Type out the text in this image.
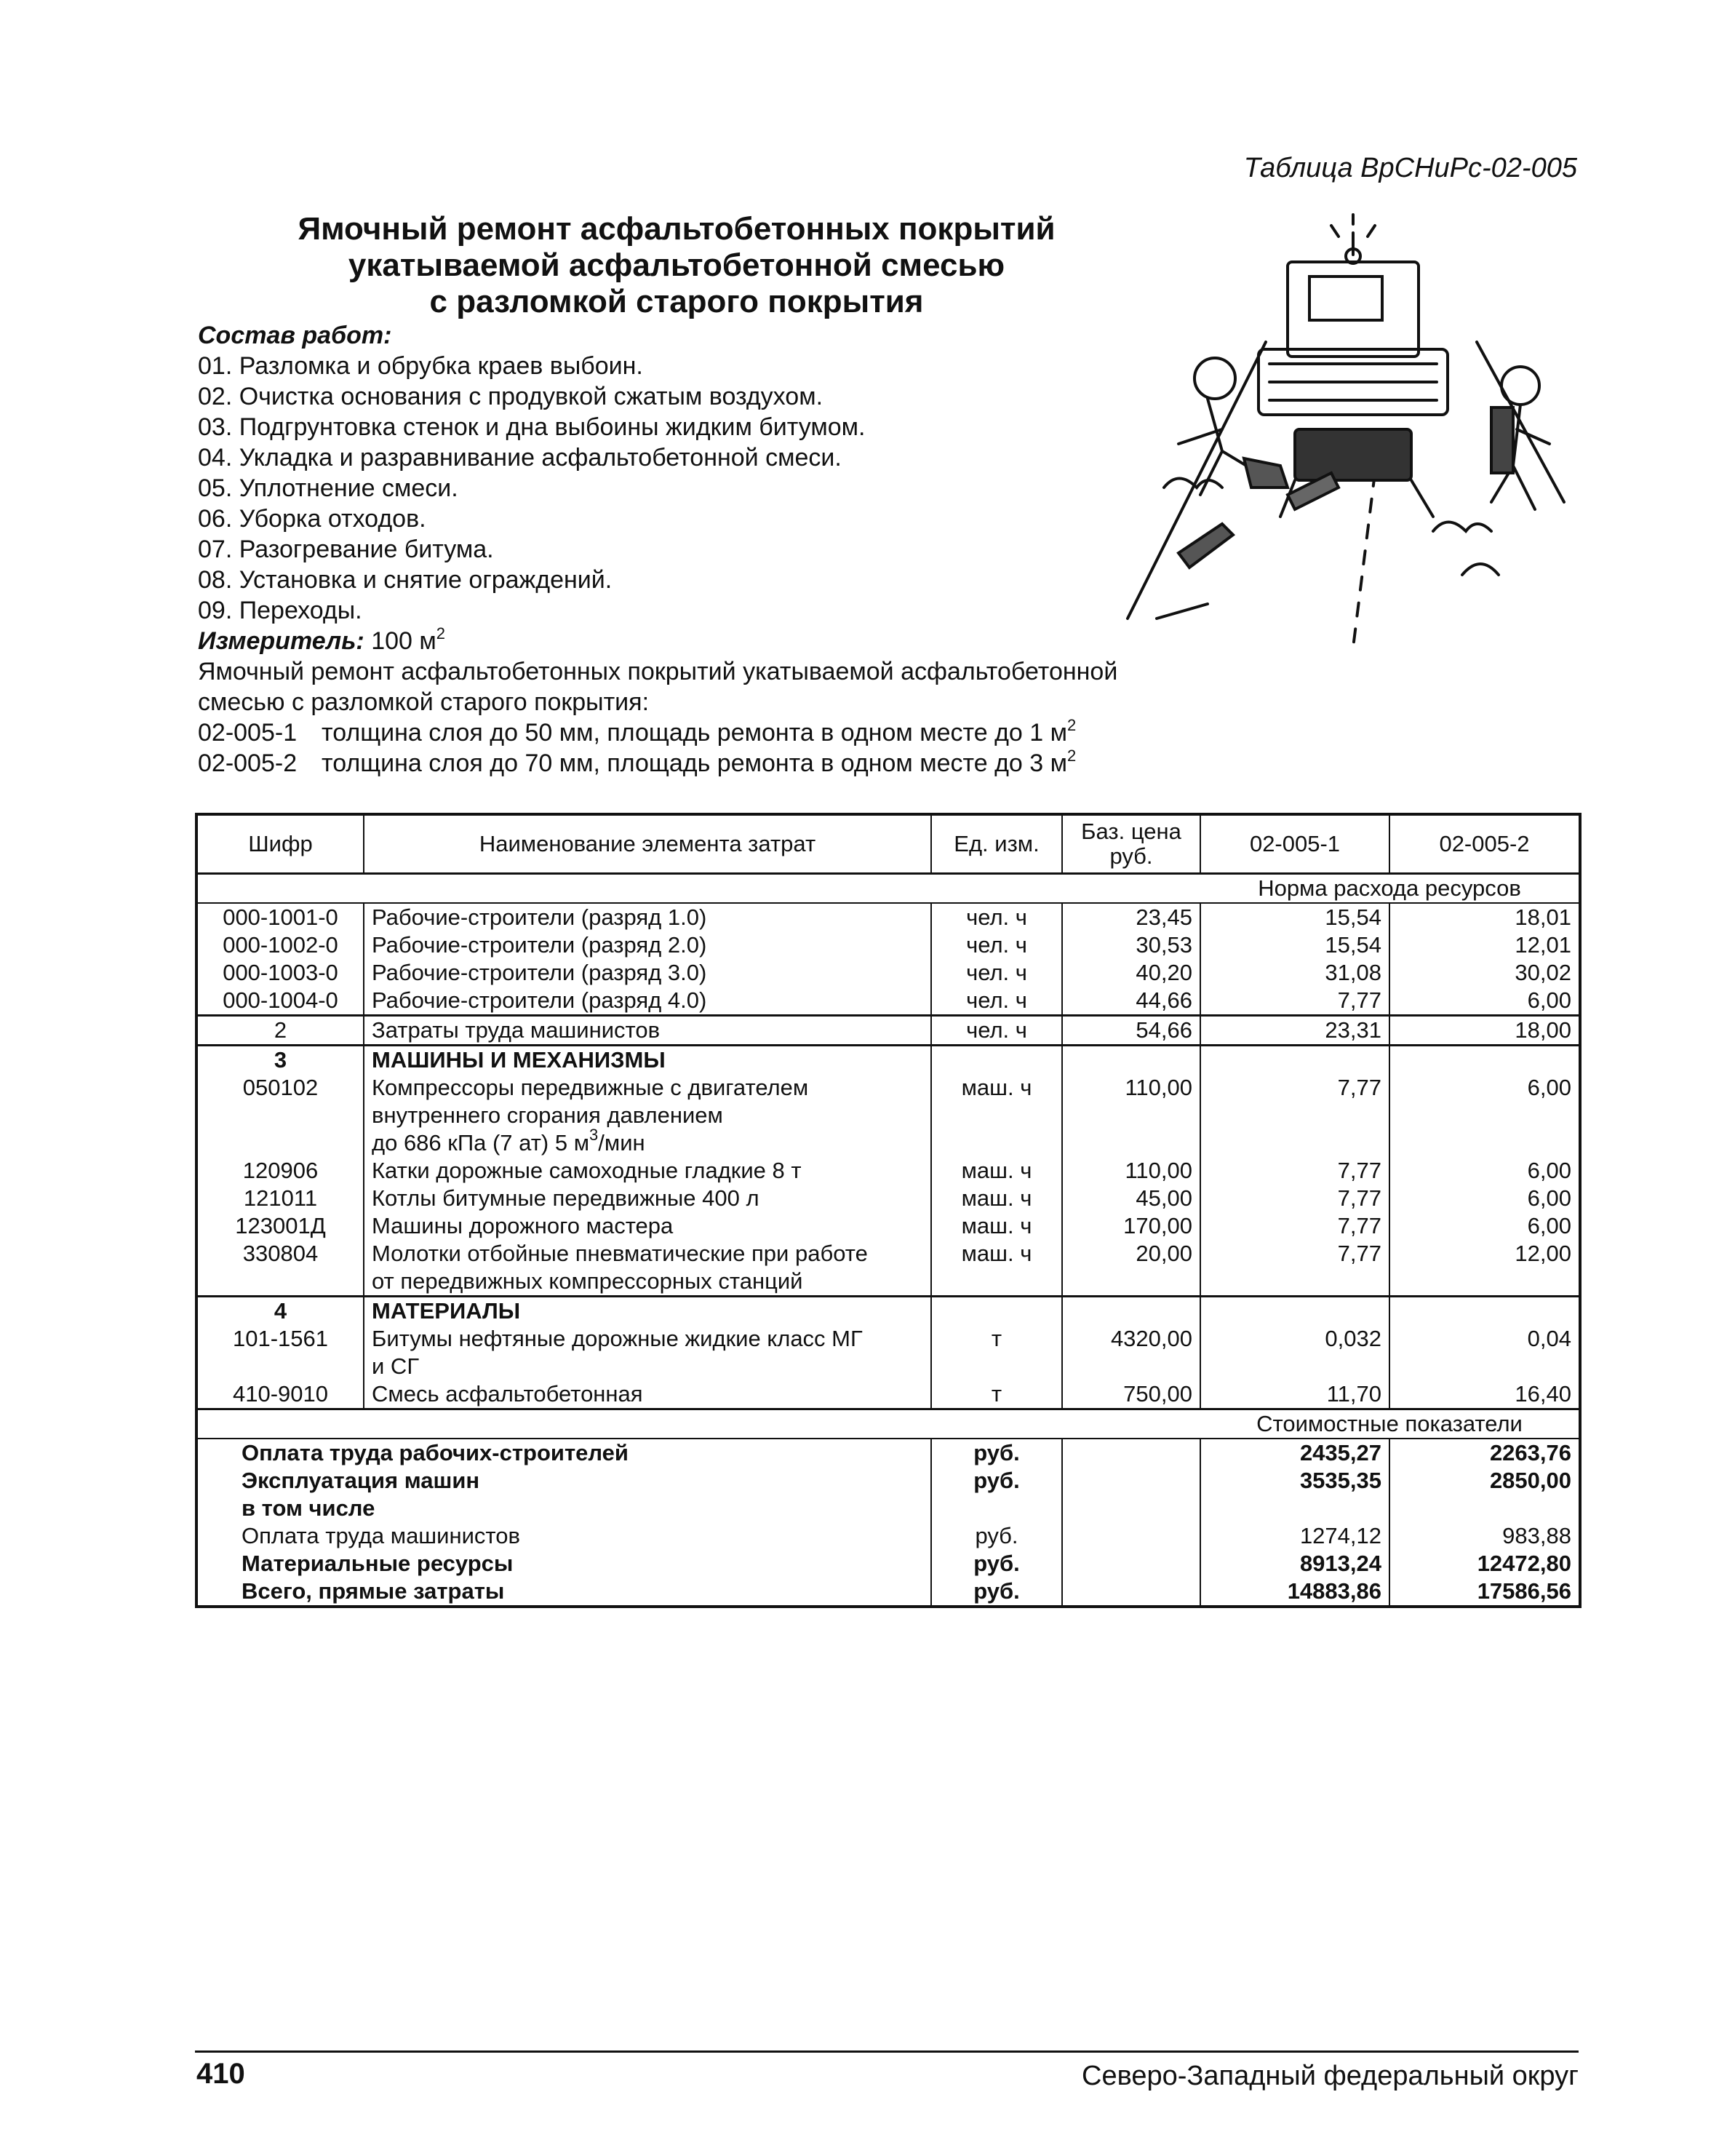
Таблица ВрСНиРс-02-005
Ямочный ремонт асфальтобетонных покрытий
укатываемой асфальтобетонной смесью
с разломкой старого покрытия
Состав работ:
01. Разломка и обрубка краев выбоин.
02. Очистка основания с продувкой сжатым воздухом.
03. Подгрунтовка стенок и дна выбоины жидким битумом.
04. Укладка и разравнивание асфальтобетонной смеси.
05. Уплотнение смеси.
06. Уборка отходов.
07. Разогревание битума.
08. Установка и снятие ограждений.
09. Переходы.
Измеритель: 100 $м^2$
Ямочный ремонт асфальтобетонных покрытий укатываемой асфальтобетонной
смесью с разломкой старого покрытия:
02-005-1 толщина слоя до 50 мм, площадь ремонта в одном месте до 1 $м^2$
02-005-2 толщина слоя до 70 мм, площадь ремонта в одном месте до 3 $м^2$
Шифр	Наименование элемента затрат	Ед. изм.	Баз. цена руб.	02-005-1	02-005-2
				Норма расхода ресурсов	
000-1001-0	Рабочие-строители (разряд 1.0)	чел. ч	23,45	15,54	18,01
000-1002-0	Рабочие-строители (разряд 2.0)	чел. ч	30,53	15,54	12,01
000-1003-0	Рабочие-строители (разряд 3.0)	чел. ч	40,20	31,08	30,02
000-1004-0	Рабочие-строители (разряд 4.0)	чел. ч	44,66	7,77	6,00
2	Затраты труда машинистов	чел. ч	54,66	23,31	18,00
3	МАШИНЫ И МЕХАНИЗМЫ				
050102	Компрессоры передвижные с двигателем
внутреннего сгорания давлением
до 686 кПа (7 ат) 5 $м^3$/мин	маш. ч	110,00	7,77	6,00
120906	Катки дорожные самоходные гладкие 8 т	маш. ч	110,00	7,77	6,00
121011	Котлы битумные передвижные 400 л	маш. ч	45,00	7,77	6,00
123001Д	Машины дорожного мастера	маш. ч	170,00	7,77	6,00
330804	Молотки отбойные пневматические при работе
от передвижных компрессорных станций	маш. ч	20,00	7,77	12,00
4	МАТЕРИАЛЫ				
101-1561	Битумы нефтяные дорожные жидкие класс МГ
и СГ	т	4320,00	0,032	0,04
410-9010	Смесь асфальтобетонная	т	750,00	11,70	16,40
				Стоимостные показатели	
Оплата труда рабочих-строителей		руб.		2435,27	2263,76
Эксплуатация машин		руб.		3535,35	2850,00
в том числе					
Оплата труда машинистов		руб.		1274,12	983,88
Материальные ресурсы		руб.		8913,24	12472,80
Всего, прямые затраты		руб.		14883,86	17586,56
410	Северо-Западный федеральный округ
